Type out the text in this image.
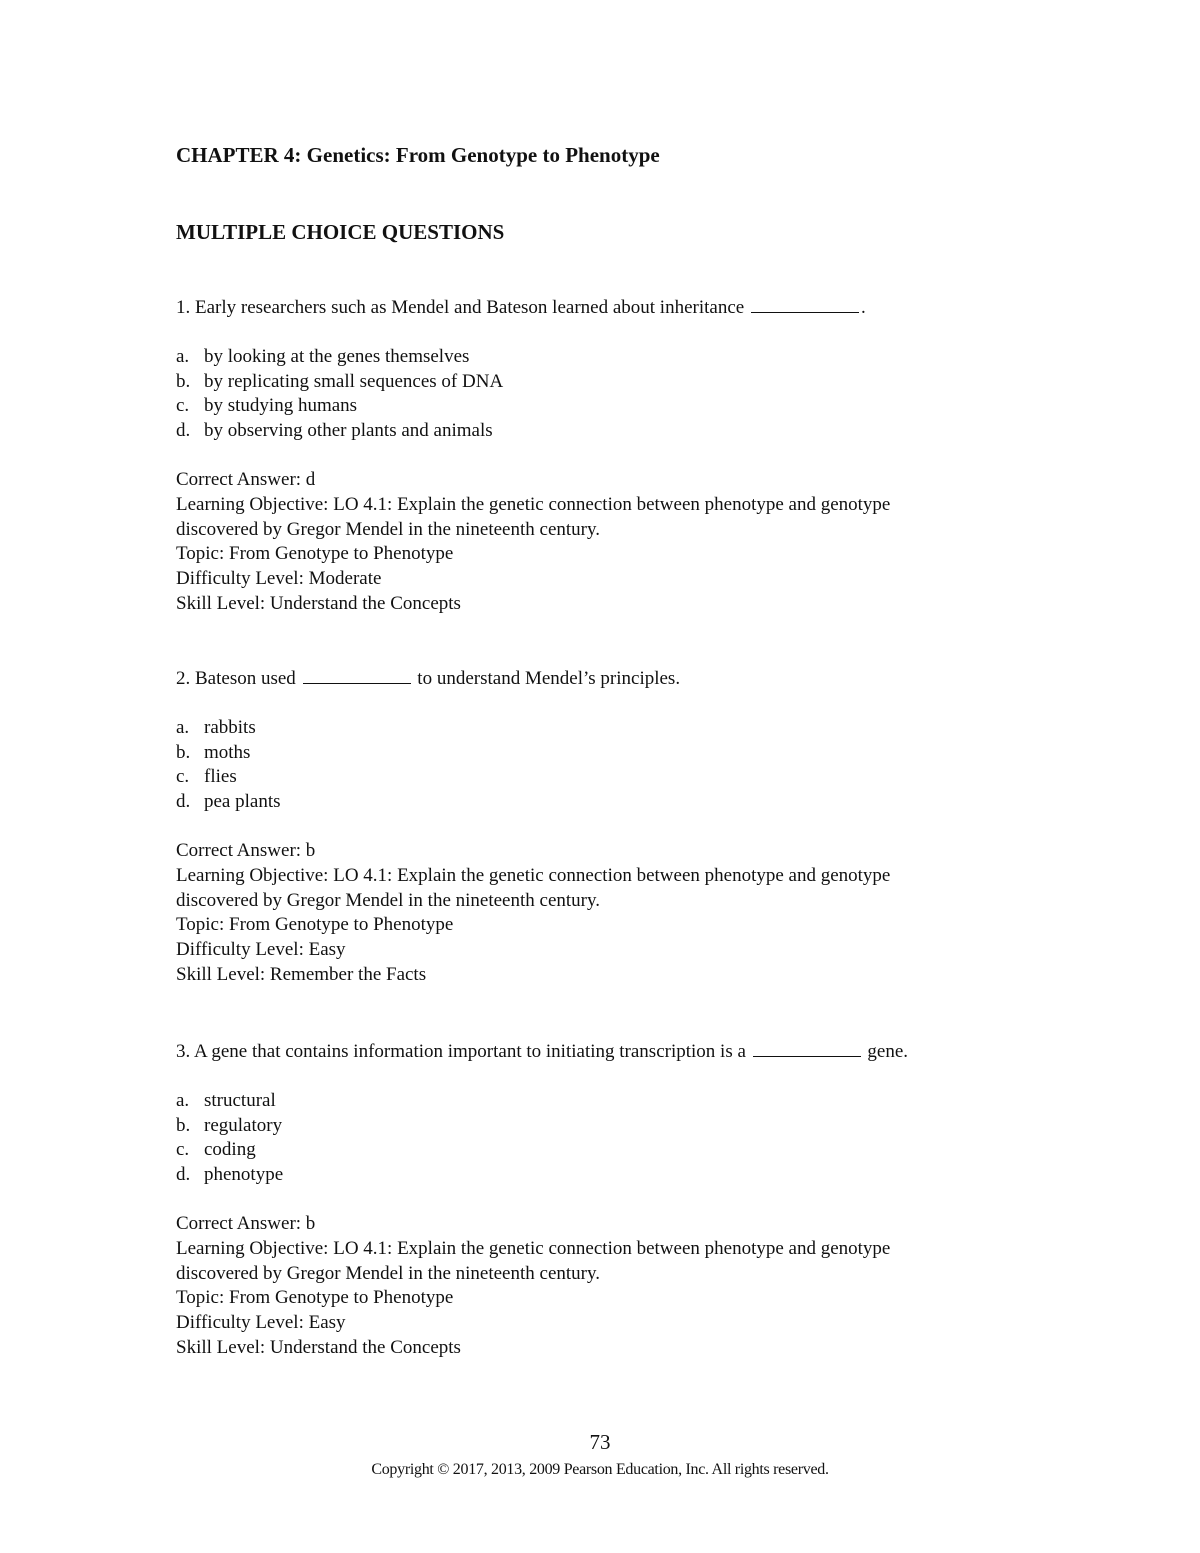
CHAPTER 4: Genetics: From Genotype to Phenotype
MULTIPLE CHOICE QUESTIONS

1. Early researchers such as Mendel and Bateson learned about inheritance	.

a. by looking at the genes themselves
b. by replicating small sequences of DNA
c. by studying humans
d. by observing other plants and animals
Correct Answer: d
Learning Objective: LO 4.1: Explain the genetic connection between phenotype and genotype
discovered by Gregor Mendel in the nineteenth century.
Topic: From Genotype to Phenotype
Difficulty Level: Moderate
Skill Level: Understand the Concepts

2. Bateson used	to understand Mendel’s principles.

a. rabbits
b. moths
c. flies
d. pea plants
Correct Answer: b
Learning Objective: LO 4.1: Explain the genetic connection between phenotype and genotype
discovered by Gregor Mendel in the nineteenth century.
Topic: From Genotype to Phenotype
Difficulty Level: Easy
Skill Level: Remember the Facts

3. A gene that contains information important to initiating transcription is a	gene.

a. structural
b. regulatory
c. coding
d. phenotype
Correct Answer: b
Learning Objective: LO 4.1: Explain the genetic connection between phenotype and genotype
discovered by Gregor Mendel in the nineteenth century.
Topic: From Genotype to Phenotype
Difficulty Level: Easy
Skill Level: Understand the Concepts
73
Copyright © 2017, 2013, 2009 Pearson Education, Inc. All rights reserved.
